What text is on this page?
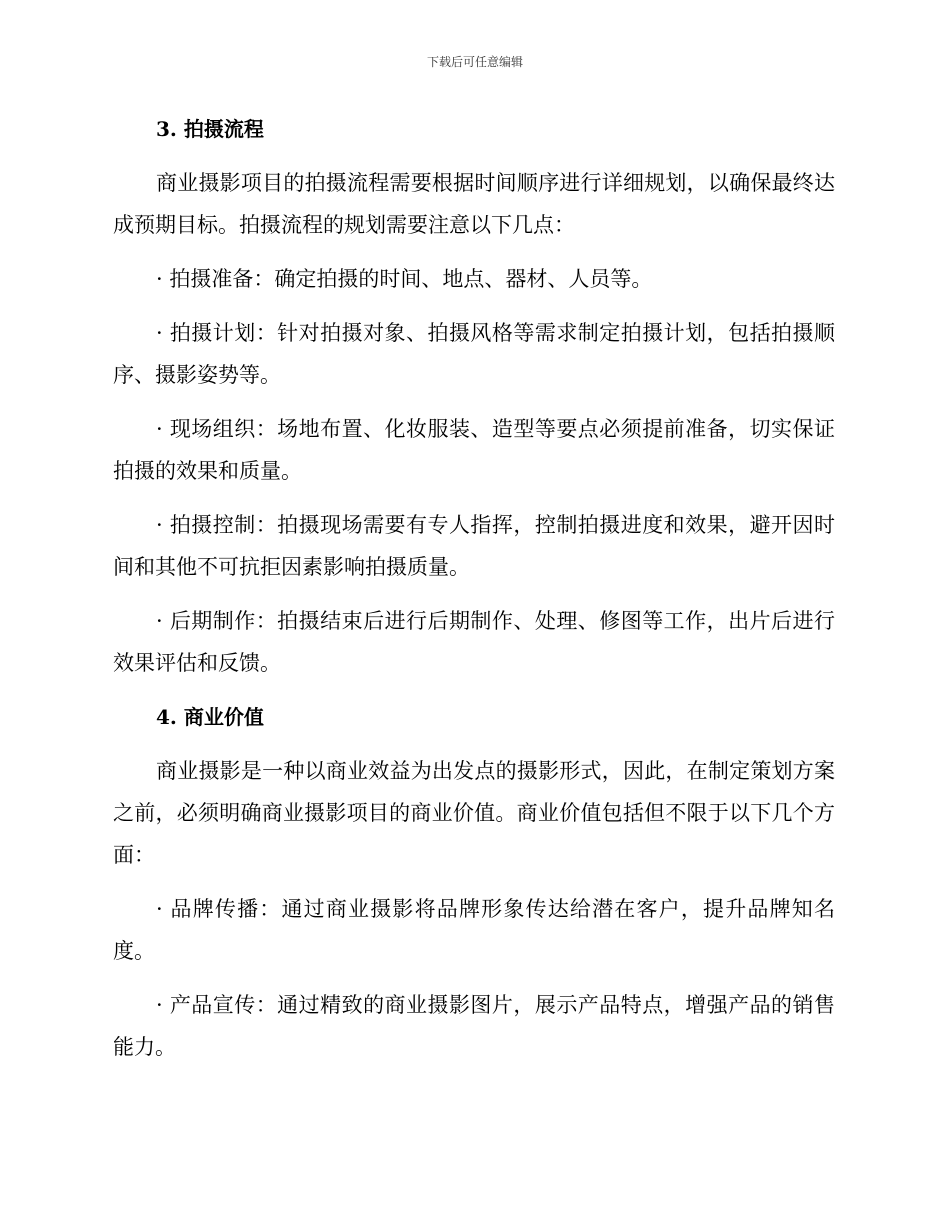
下载后可任意编辑
3. 拍摄流程

商业摄影项目的拍摄流程需要根据时间顺序进行详细规划，以确保最终达成预期目标。拍摄流程的规划需要注意以下几点：

· 拍摄准备：确定拍摄的时间、地点、器材、人员等。

· 拍摄计划：针对拍摄对象、拍摄风格等需求制定拍摄计划，包括拍摄顺序、摄影姿势等。

· 现场组织：场地布置、化妆服装、造型等要点必须提前准备，切实保证拍摄的效果和质量。

· 拍摄控制：拍摄现场需要有专人指挥，控制拍摄进度和效果，避开因时间和其他不可抗拒因素影响拍摄质量。

· 后期制作：拍摄结束后进行后期制作、处理、修图等工作，出片后进行效果评估和反馈。

4. 商业价值

商业摄影是一种以商业效益为出发点的摄影形式，因此，在制定策划方案之前，必须明确商业摄影项目的商业价值。商业价值包括但不限于以下几个方面：

· 品牌传播：通过商业摄影将品牌形象传达给潜在客户，提升品牌知名度。

· 产品宣传：通过精致的商业摄影图片，展示产品特点，增强产品的销售能力。
